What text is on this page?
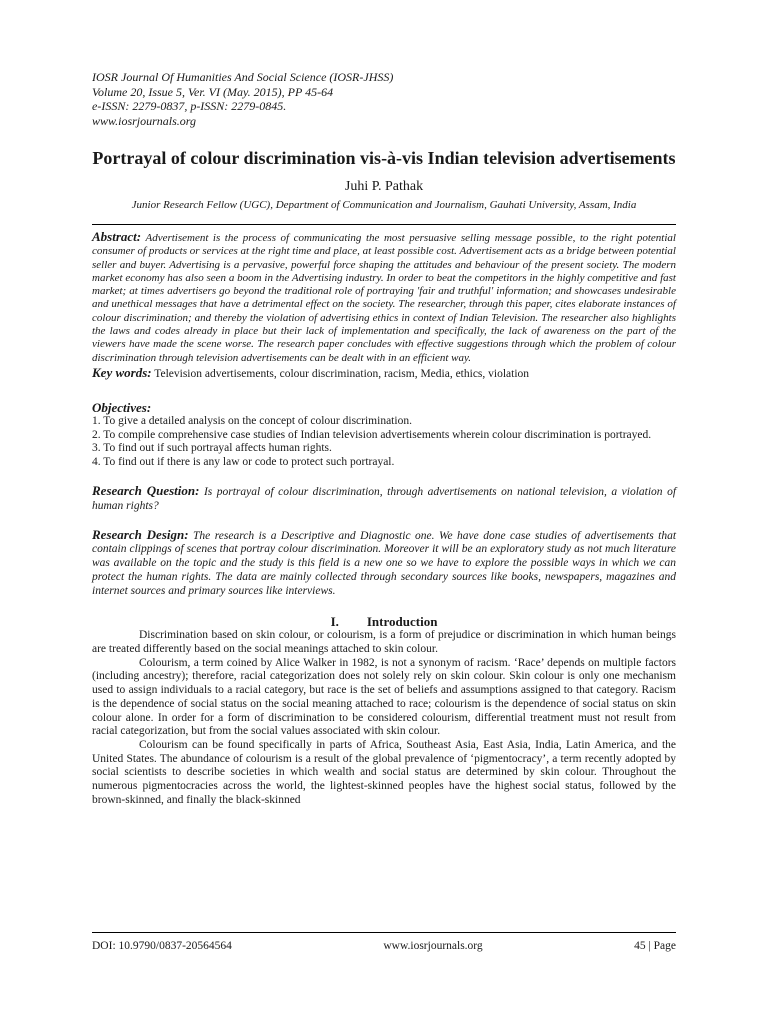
IOSR Journal Of Humanities And Social Science (IOSR-JHSS)
Volume 20, Issue 5, Ver. VI (May. 2015), PP 45-64
e-ISSN: 2279-0837, p-ISSN: 2279-0845.
www.iosrjournals.org
Portrayal of colour discrimination vis-à-vis Indian television advertisements
Juhi P. Pathak
Junior Research Fellow (UGC), Department of Communication and Journalism, Gauhati University, Assam, India
Abstract: Advertisement is the process of communicating the most persuasive selling message possible, to the right potential consumer of products or services at the right time and place, at least possible cost. Advertisement acts as a bridge between potential seller and buyer. Advertising is a pervasive, powerful force shaping the attitudes and behaviour of the present society. The modern market economy has also seen a boom in the Advertising industry. In order to beat the competitors in the highly competitive and fast market; at times advertisers go beyond the traditional role of portraying 'fair and truthful' information; and showcases undesirable and unethical messages that have a detrimental effect on the society. The researcher, through this paper, cites elaborate instances of colour discrimination; and thereby the violation of advertising ethics in context of Indian Television. The researcher also highlights the laws and codes already in place but their lack of implementation and specifically, the lack of awareness on the part of the viewers have made the scene worse. The research paper concludes with effective suggestions through which the problem of colour discrimination through television advertisements can be dealt with in an efficient way.
Key words: Television advertisements, colour discrimination, racism, Media, ethics, violation
Objectives:
1. To give a detailed analysis on the concept of colour discrimination.
2. To compile comprehensive case studies of Indian television advertisements wherein colour discrimination is portrayed.
3. To find out if such portrayal affects human rights.
4. To find out if there is any law or code to protect such portrayal.
Research Question: Is portrayal of colour discrimination, through advertisements on national television, a violation of human rights?
Research Design: The research is a Descriptive and Diagnostic one. We have done case studies of advertisements that contain clippings of scenes that portray colour discrimination. Moreover it will be an exploratory study as not much literature was available on the topic and the study is this field is a new one so we have to explore the possible ways in which we can protect the human rights. The data are mainly collected through secondary sources like books, newspapers, magazines and internet sources and primary sources like interviews.
I. Introduction

Discrimination based on skin colour, or colourism, is a form of prejudice or discrimination in which human beings are treated differently based on the social meanings attached to skin colour.

Colourism, a term coined by Alice Walker in 1982, is not a synonym of racism. ‘Race’ depends on multiple factors (including ancestry); therefore, racial categorization does not solely rely on skin colour. Skin colour is only one mechanism used to assign individuals to a racial category, but race is the set of beliefs and assumptions assigned to that category. Racism is the dependence of social status on the social meaning attached to race; colourism is the dependence of social status on skin colour alone. In order for a form of discrimination to be considered colourism, differential treatment must not result from racial categorization, but from the social values associated with skin colour.

Colourism can be found specifically in parts of Africa, Southeast Asia, East Asia, India, Latin America, and the United States. The abundance of colourism is a result of the global prevalence of ‘pigmentocracy’, a term recently adopted by social scientists to describe societies in which wealth and social status are determined by skin colour. Throughout the numerous pigmentocracies across the world, the lightest-skinned peoples have the highest social status, followed by the brown-skinned, and finally the black-skinned

DOI: 10.9790/0837-20564564	www.iosrjournals.org	45 | Page
